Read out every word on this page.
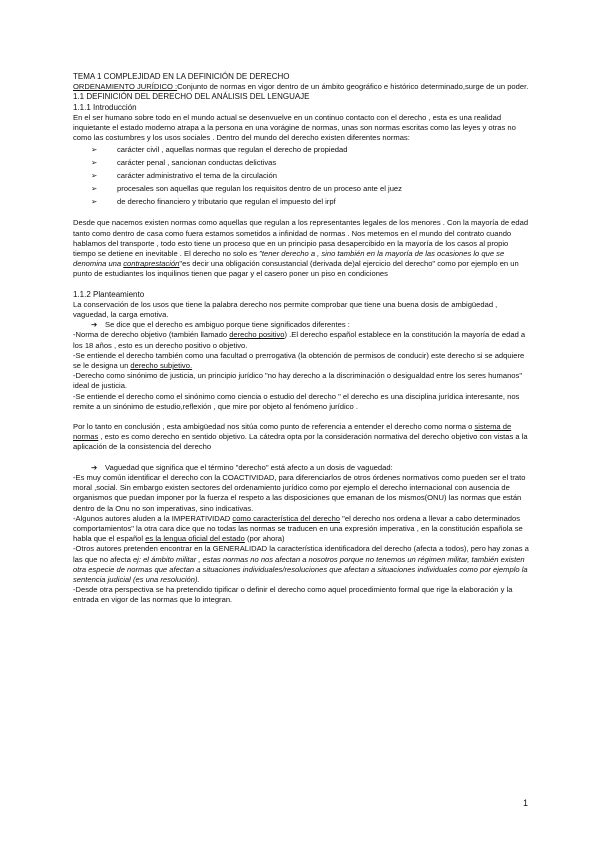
TEMA 1 COMPLEJIDAD EN LA DEFINICIÓN DE DERECHO

ORDENAMIENTO JURÍDICO :Conjunto de normas en vigor dentro de un ámbito geográfico e histórico determinado,surge de un poder.

1.1 DEFINICIÓN DEL DERECHO DEL ANÁLISIS DEL LENGUAJE

1.1.1 Introducción

En el ser humano sobre todo en el mundo actual se desenvuelve en un continuo contacto con el derecho , esta es una realidad inquietante el estado moderno atrapa a la persona en una vorágine de normas, unas son normas escritas como las leyes y otras no como las costumbres y los usos sociales . Dentro del mundo del derecho existen diferentes normas:

➢	carácter civil , aquellas normas que regulan el derecho de propiedad
➢	carácter penal , sancionan conductas delictivas
➢	carácter administrativo el tema de la circulación
➢	procesales son aquellas que regulan los requisitos dentro de un proceso ante el juez
➢	de derecho financiero y tributario que regulan el impuesto del irpf

Desde que nacemos existen normas como aquellas que regulan a los representantes legales de los menores . Con la mayoría de edad tanto como dentro de casa como fuera estamos sometidos a infinidad de normas . Nos metemos en el mundo del contrato cuando hablamos del transporte , todo esto tiene un proceso que en un principio pasa desapercibido en la mayoría de los casos al propio tiempo se detiene en inevitable . El derecho no solo es "tener derecho a , sino también en la mayoría de las ocasiones lo que se denomina una contraprestación"es decir una obligación consustancial (derivada de)al ejercicio del derecho" como por ejemplo en un punto de estudiantes los inquilinos tienen que pagar y el casero poner un piso en condiciones

1.1.2 Planteamiento

La conservación de los usos que tiene la palabra derecho nos permite comprobar que tiene una buena dosis de ambigüedad , vaguedad, la carga emotiva.

➔ Se dice que el derecho es ambiguo porque tiene significados diferentes :

-Norma de derecho objetivo (también llamado derecho positivo) .El derecho español establece en la constitución la mayoría de edad a los 18 años , esto es un derecho positivo o objetivo.

-Se entiende el derecho también como una facultad o prerrogativa (la obtención de permisos de conducir) este derecho si se adquiere se le designa un derecho subjetivo.

-Derecho como sinónimo de justicia, un principio jurídico "no hay derecho a la discriminación o desigualdad entre los seres humanos" ideal de justicia.

-Se entiende el derecho como el sinónimo como ciencia o estudio del derecho " el derecho es una disciplina jurídica interesante, nos remite a un sinónimo de estudio,reflexión , que mire por objeto al fenómeno jurídico .

Por lo tanto en conclusión , esta ambigüedad nos sitúa como punto de referencia a entender el derecho como norma o sistema de normas , esto es como derecho en sentido objetivo. La cátedra opta por la consideración normativa del derecho objetivo con vistas a la aplicación de la consistencia del derecho

➔ Vaguedad que significa que el término "derecho" está afecto a un dosis de vaguedad:

-Es muy común identificar el derecho con la COACTIVIDAD, para diferenciarlos de otros órdenes normativos como pueden ser el trato moral ,social. Sin embargo existen sectores del ordenamiento jurídico como por ejemplo el derecho internacional con ausencia de organismos que puedan imponer por la fuerza el respeto a las disposiciones que emanan de los mismos(ONU) las normas que están dentro de la Onu no son imperativas, sino indicativas.

-Algunos autores aluden a la IMPERATIVIDAD como característica del derecho "el derecho nos ordena a llevar a cabo determinados comportamientos" la otra cara dice que no todas las normas se traducen en una expresión imperativa , en la constitución española se habla que el español es la lengua oficial del estado (por ahora)

-Otros autores pretenden encontrar en la GENERALIDAD la característica identificadora del derecho (afecta a todos), pero hay zonas a las que no afecta ej: el ámbito militar , estas normas no nos afectan a nosotros porque no tenemos un régimen militar, también existen otra especie de normas que afectan a situaciones individuales/resoluciones que afectan a situaciones individuales como por ejemplo la sentencia judicial (es una resolución).

-Desde otra perspectiva se ha pretendido tipificar o definir el derecho como aquel procedimiento formal que rige la elaboración y la entrada en vigor de las normas que lo integran.

1
